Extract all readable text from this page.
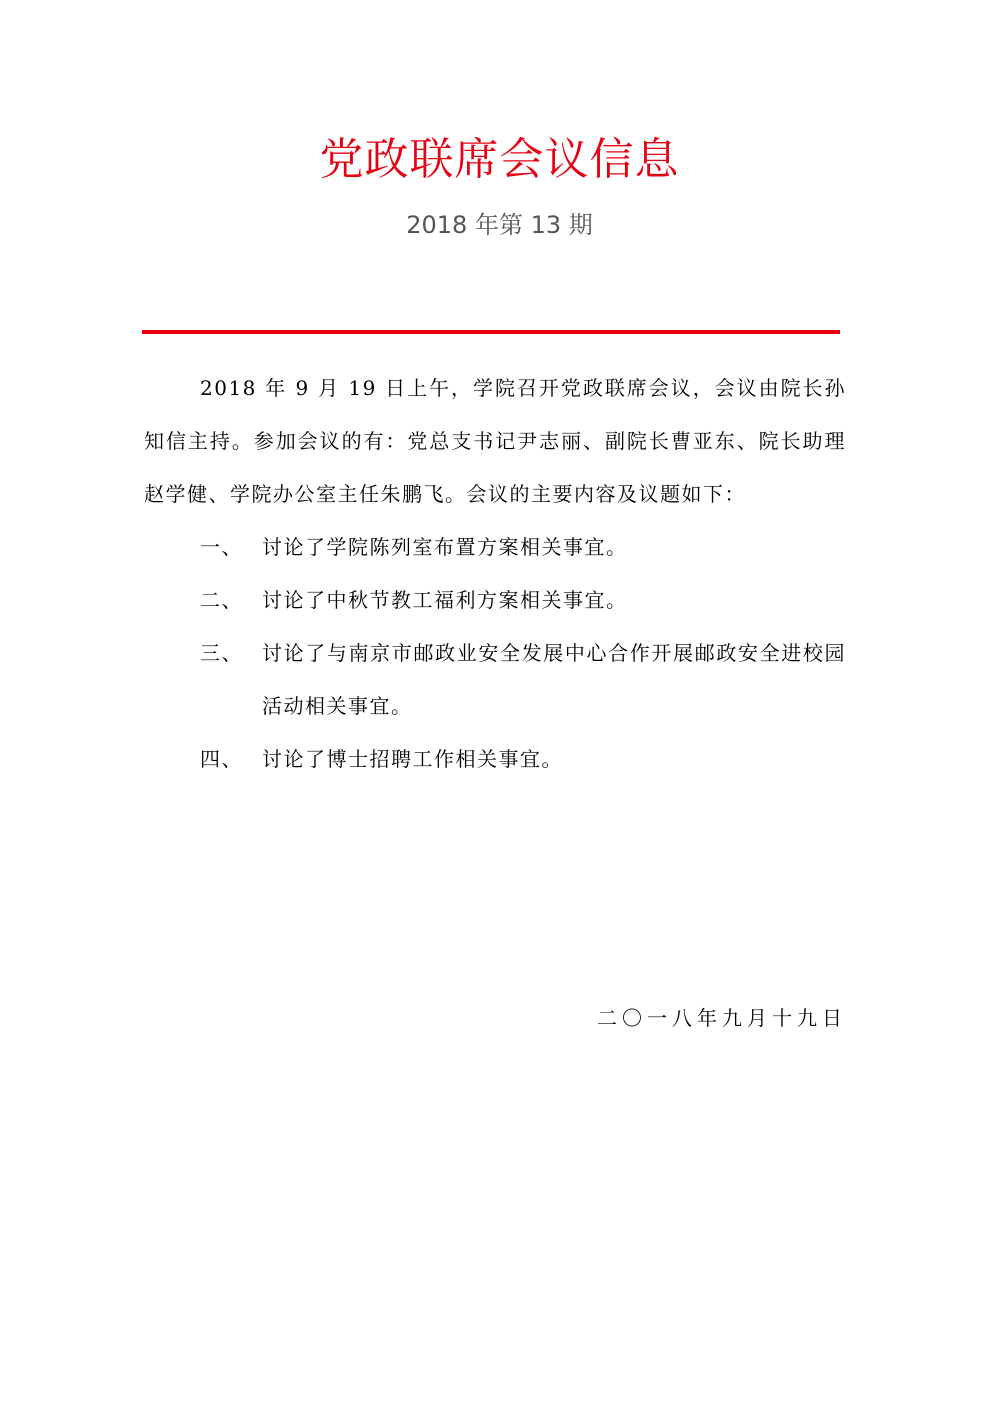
党政联席会议信息
2018 年第 13 期

2018 年 9 月 19 日上午，学院召开党政联席会议，会议由院长孙知信主持。参加会议的有：党总支书记尹志丽、副院长曹亚东、院长助理赵学健、学院办公室主任朱鹏飞。会议的主要内容及议题如下：

一、 讨论了学院陈列室布置方案相关事宜。
二、 讨论了中秋节教工福利方案相关事宜。
三、 讨论了与南京市邮政业安全发展中心合作开展邮政安全进校园活动相关事宜。
四、 讨论了博士招聘工作相关事宜。
二〇一八年九月十九日
